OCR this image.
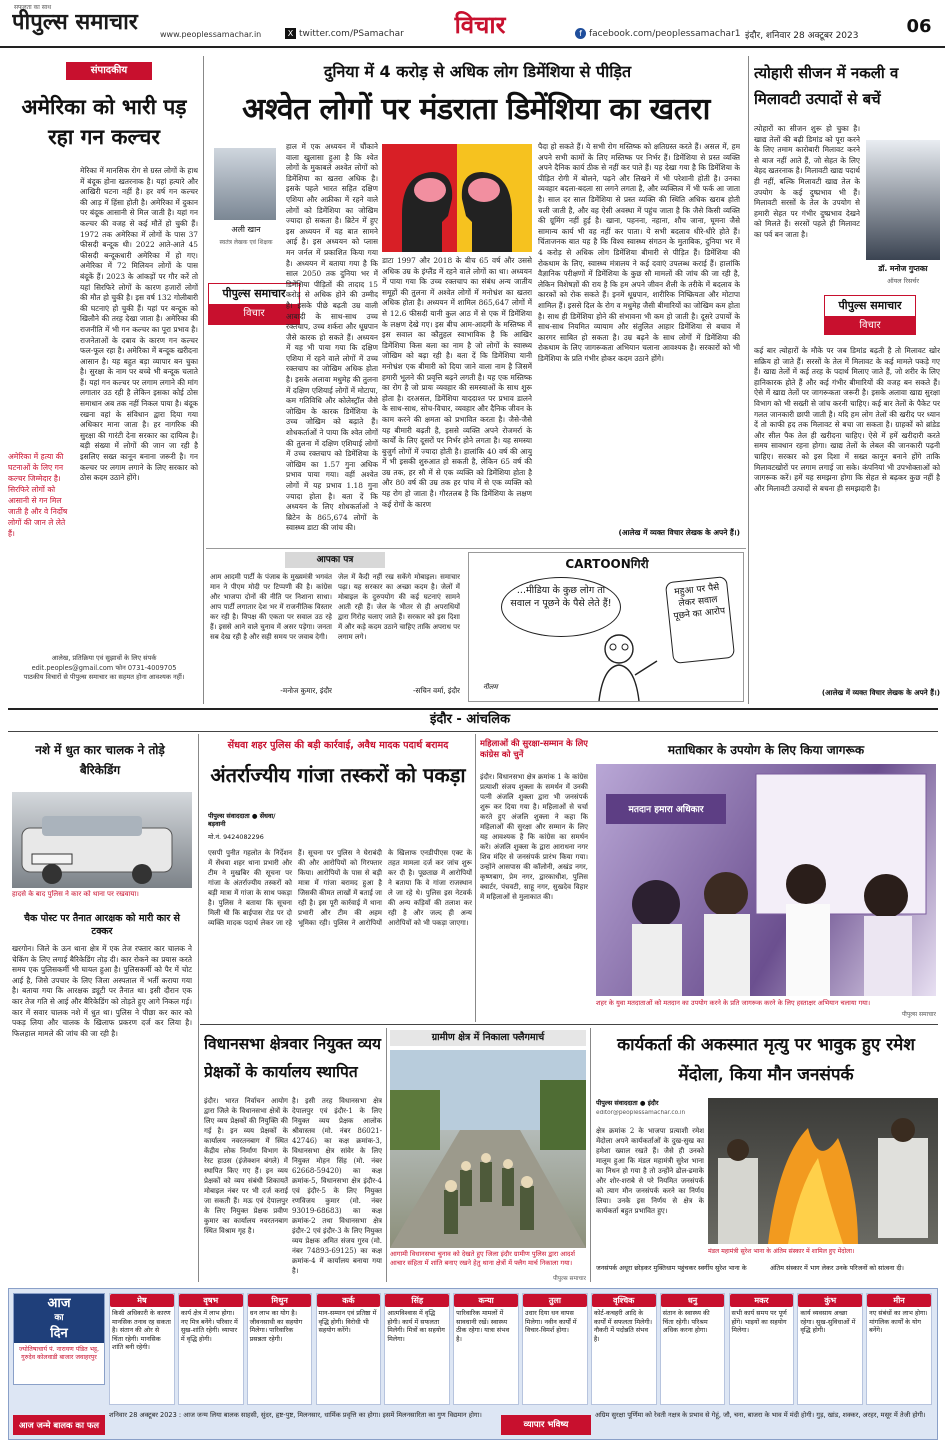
पीपुल्स समाचार
सफलता का साथ
www.peoplessamachar.in	X twitter.com/PSamachar	विचार	f facebook.com/peoplessamachar1 इंदौर, शनिवार 28 अक्टूबर 2023	06
संपादकीय
अमेरिका को भारी पड़ रहा गन कल्चर
मेरिका में मानसिक रोग से ग्रस्त लोगों के हाथ में बंदूक होना खतरनाक है। यहां हत्यारे और आखिरी घटना नहीं है। हर वर्ष गन कल्चर की आड़ में हिंसा होती है। अमेरिका में दुकान पर बंदूक आसानी से मिल जाती है। यहां गन कल्चर की वजह से कई मौतें हो चुकी हैं। 1972 तक अमेरिका में लोगों के पास 37 फीसदी बन्दूक थी। 2022 आते-आते 45 फीसदी बन्दूकधारी अमेरिका में हो गए। अमेरिका में 72 मिलियन लोगों के पास बंदूकें हैं। 2023 के आंकड़ों पर गौर करें तो यहां सिरफिरे लोगों के कारण हजारों लोगों की मौत हो चुकी है। इस वर्ष 132 गोलीबारी की घटनाएं हो चुकी हैं। यहां पर बन्दूक को खिलौने की तरह देखा जाता है। अमेरिका की राजनीति में भी गन कल्चर का पूरा प्रभाव है। राजनेताओं के दबाव के कारण गन कल्चर फल-फूल रहा है। अमेरिका में बन्दूक खरीदना आसान है। यह बहुत बड़ा व्यापार बन चुका है। सुरक्षा के नाम पर बच्चे भी बन्दूक चलाते हैं। यहां गन कल्चर पर लगाम लगाने की मांग लगातार उठ रही है लेकिन इसका कोई ठोस समाधान अब तक नहीं निकल पाया है। बंदूक रखना वहां के संविधान द्वारा दिया गया अधिकार माना जाता है। हर नागरिक की सुरक्षा की गारंटी देना सरकार का दायित्व है। बड़ी संख्या में लोगों की जान जा रही है इसलिए सख्त कानून बनाना जरूरी है। गन कल्चर पर लगाम लगाने के लिए सरकार को ठोस कदम उठाने होंगे।
अमेरिका में हत्या की घटनाओं के लिए गन कल्चर जिम्मेदार है। सिरफिरे लोगों को आसानी से गन मिल जाती है और वे निर्दोष लोगों की जान ले लेते हैं।
आलेख, प्रतिक्रिया एवं सुझावों के लिए संपर्क
edit.peoples@gmail.com फोन 0731-4009705
पाठकीय विचारों से पीपुल्स समाचार का सहमत होना आवश्यक नहीं।
दुनिया में 4 करोड़ से अधिक लोग डिमेंशिया से पीड़ित
अश्वेत लोगों पर मंडराता डिमेंशिया का खतरा
अली खान
स्वतंत्र लेखक एवं शिक्षक
पीपुल्स समाचार
विचार
हाल में एक अध्ययन में चौंकाने वाला खुलासा हुआ है कि श्वेत लोगों के मुकाबले अश्वेत लोगों को डिमेंशिया का खतरा अधिक है। इसके पहले भारत सहित दक्षिण एशिया और अफ्रीका में रहने वाले लोगों को डिमेंशिया का जोखिम ज्यादा हो सकता है। ब्रिटेन में हुए इस अध्ययन में यह बात सामने आई है। इस अध्ययन को प्लास मन जर्नल में प्रकाशित किया गया है। अध्ययन में बताया गया है कि साल 2050 तक दुनिया भर में डिमेंशिया पीड़ितों की तादाद 15 करोड़ से अधिक होने की उम्मीद है। इसके पीछे बढ़ती उम्र वाली आबादी के साथ-साथ उच्च रक्तचाप, उच्च शर्करा और धूम्रपान जैसे कारक हो सकते हैं। अध्ययन में यह भी पाया गया कि दक्षिण एशिया में रहने वाले लोगों में उच्च रक्तचाप का जोखिम अधिक होता है। इसके अलावा मधुमेह की तुलना में दक्षिण एशियाई लोगों में मोटापा, कम गतिविधि और कोलेस्ट्रॉल जैसे जोखिम के कारक डिमेंशिया के उच्च जोखिम को बढ़ाते हैं। शोधकर्ताओं ने पाया कि श्वेत लोगों की तुलना में दक्षिण एशियाई लोगों में उच्च रक्तचाप को डिमेंशिया के जोखिम का 1.57 गुना अधिक प्रभाव पाया गया। वहीं अश्वेत लोगों में यह प्रभाव 1.18 गुना ज्यादा होता है। बता दें कि अध्ययन के लिए शोधकर्ताओं ने ब्रिटेन के 865,674 लोगों के स्वास्थ्य डाटा की जांच की।
डाटा 1997 और 2018 के बीच 65 वर्ष और उससे अधिक उम्र के इंग्लैंड में रहने वाले लोगों का था। अध्ययन में पाया गया कि उच्च रक्तचाप का संबंध अन्य जातीय समूहों की तुलना में अश्वेत लोगों में मनोभ्रंश का खतरा अधिक होता है। अध्ययन में शामिल 865,647 लोगों में से 12.6 फीसदी यानी कुल आठ में से एक में डिमेंशिया के लक्षण देखे गए। इस बीच आम-आदमी के मस्तिष्क में इस सवाल का कौतुहल स्वाभाविक है कि आखिर डिमेंशिया किस बला का नाम है जो लोगों के स्वास्थ्य जोखिम को बढ़ा रही है। बता दें कि डिमेंशिया यानी मनोभ्रंश एक बीमारी को दिया जाने वाला नाम है जिसमें हमारी भूलने की प्रवृत्ति बढ़ने लगती है। यह एक मस्तिष्क का रोग है जो प्रायः व्यवहार की समस्याओं के साथ शुरू होता है। दरअसल, डिमेंशिया याददाश्त पर प्रभाव डालने के साथ-साथ, सोच-विचार, व्यवहार और दैनिक जीवन के काम करने की क्षमता को प्रभावित करता है। जैसे-जैसे यह बीमारी बढ़ती है, इससे व्यक्ति अपने रोजमर्रा के कार्यों के लिए दूसरों पर निर्भर होने लगता है। यह समस्या बुजुर्ग लोगों में ज्यादा होती है। हालांकि 40 वर्ष की आयु में भी इसकी शुरुआत हो सकती है, लेकिन 65 वर्ष की उम्र तक, हर सौ में से एक व्यक्ति को डिमेंशिया होता है और 80 वर्ष की उम्र तक हर पांच में से एक व्यक्ति को यह रोग हो जाता है। गौरतलब है कि डिमेंशिया के लक्षण कई रोगों के कारण
पैदा हो सकते हैं। ये सभी रोग मस्तिष्क को क्षतिग्रस्त करते हैं। असल में, हम अपने सभी कामों के लिए मस्तिष्क पर निर्भर हैं। डिमेंशिया से प्रस्त व्यक्ति अपने दैनिक कार्य ठीक से नहीं कर पाते हैं। यह देखा गया है कि डिमेंशिया के पीड़ित रोगी में बोलने, पढ़ने और लिखने में भी परेशानी होती है। उनका व्यवहार बदला-बदला सा लगने लगता है, और व्यक्तित्व में भी फर्क आ जाता है। साल दर साल डिमेंशिया से प्रस्त व्यक्ति की स्थिति अधिक खराब होती चली जाती है, और वह ऐसी अवस्था में पहुंच जाता है कि जैसे किसी व्यक्ति की ग्रूमिंग नहीं हुई है। खाना, पहनना, नहाना, शौच जाना, घूमना जैसे सामान्य कार्य भी वह नहीं कर पाता। ये सभी बदलाव धीरे-धीरे होते हैं। चिंताजनक बात यह है कि विश्व स्वास्थ्य संगठन के मुताबिक, दुनिया भर में 4 करोड़ से अधिक लोग डिमेंशिया बीमारी से पीड़ित हैं। डिमेंशिया की रोकथाम के लिए, स्वास्थ्य मंत्रालय ने कई दवाएं उपलब्ध कराई हैं। हालांकि वैज्ञानिक परीक्षणों में डिमेंशिया के कुछ सौ मामलों की जांच की जा रही है, लेकिन विशेषज्ञों की राय है कि हम अपने जीवन शैली के तरीके में बदलाव के कारकों को रोक सकते हैं। इनमें धूम्रपान, शारीरिक निष्क्रियता और मोटापा शामिल हैं। इससे दिल के रोग व मधुमेह जैसी बीमारियों का जोखिम कम होता है। साथ ही डिमेंशिया होने की संभावना भी कम हो जाती है। दूसरे उपायों के साथ-साथ नियमित व्यायाम और संतुलित आहार डिमेंशिया से बचाव में कारगर साबित हो सकता है। उम्र बढ़ने के साथ लोगों में डिमेंशिया की रोकथाम के लिए जागरूकता अभियान चलाना आवश्यक है। सरकारों को भी डिमेंशिया के प्रति गंभीर होकर कदम उठाने होंगे।
(आलेख में व्यक्त विचार लेखक के अपने हैं।)
त्योहारी सीजन में नकली व मिलावटी उत्पादों से बचें
त्योहारों का सीजन शुरू हो चुका है। खाद्य तेलों की बढ़ी डिमांड को पूरा करने के लिए तमाम कारोबारी मिलावट करने से बाज नहीं आते हैं, जो सेहत के लिए बेहद खतरनाक है। मिलावटी खाद्य पदार्थ ही नहीं, बल्कि मिलावटी खाद्य तेल के उपयोग के कई दुष्प्रभाव भी हैं। मिलावटी सरसों के तेल के उपयोग से हमारी सेहत पर गंभीर दुष्प्रभाव देखने को मिलते हैं। सरसों पहले ही मिलावट का पर्व बन जाता है।
डॉ. मनोज गुप्तका
ऑयल रिसर्चर
पीपुल्स समाचार
विचार
कई बार त्योहारों के मौके पर जब डिमांड बढ़ती है तो मिलावट खोर सक्रिय हो जाते हैं। सरसों के तेल में मिलावट के कई मामले पकड़े गए हैं। खाद्य तेलों में कई तरह के पदार्थ मिलाए जाते हैं, जो शरीर के लिए हानिकारक होते हैं और कई गंभीर बीमारियों की वजह बन सकते हैं। ऐसे में खाद्य तेलों पर जागरूकता जरूरी है। इसके अलावा खाद्य सुरक्षा विभाग को भी सख्ती से जांच करनी चाहिए। कई बार तेलों के पैकेट पर गलत जानकारी छापी जाती है। यदि हम लोग तेलों की खरीद पर ध्यान दें तो काफी हद तक मिलावट से बचा जा सकता है। ग्राहकों को ब्रांडेड और सील पैक तेल ही खरीदना चाहिए। ऐसे में हमें खरीदारी करते समय सावधान रहना होगा। खाद्य तेलों के लेबल की जानकारी पढ़नी चाहिए। सरकार को इस दिशा में सख्त कानून बनाने होंगे ताकि मिलावटखोरों पर लगाम लगाई जा सके। कंपनियां भी उपभोक्ताओं को जागरूक करें। हमें यह समझना होगा कि सेहत से बढ़कर कुछ नहीं है और मिलावटी उत्पादों से बचना ही समझदारी है।
(आलेख में व्यक्त विचार लेखक के अपने हैं।)
आपका पत्र
आम आदमी पार्टी के पंजाब के मुख्यमंत्री भगवंत मान ने पीएम मोदी पर टिप्पणी की है। कांग्रेस और भाजपा दोनों की नीति पर निशाना साधा। आप पार्टी लगातार देश भर में राजनीतिक विस्तार कर रही है। विपक्ष की एकता पर सवाल उठ रहे हैं। इससे आने वाले चुनाव में असर पड़ेगा। जनता सब देख रही है और सही समय पर जवाब देगी।
-मनोज कुमार, इंदौर
जेल में कैदी नहीं रख सकेंगे मोबाइल। समाचार पढ़ा। यह सरकार का अच्छा कदम है। जेलों में मोबाइल के दुरुपयोग की कई घटनाएं सामने आती रही हैं। जेल के भीतर से ही अपराधियों द्वारा गिरोह चलाए जाते हैं। सरकार को इस दिशा में और कड़े कदम उठाने चाहिए ताकि अपराध पर लगाम लगे।
-सचिन वर्मा, इंदौर
CARTOONगिरी
...मीडिया के कुछ लोग तो सवाल न पूछने के पैसे लेते हैं!
महुआ पर पैसे लेकर सवाल पूछने का आरोप
नीलम
इंदौर - आंचलिक
नशे में धुत कार चालक ने तोड़े बैरिकेडिंग
हादसे के बाद पुलिस ने कार को थाना पर रखवाया।
चैक पोस्ट पर तैनात आरक्षक को मारी कार से टक्कर
खरगोन। जिले के ऊन थाना क्षेत्र में एक तेज रफ्तार कार चालक ने चेकिंग के लिए लगाई बैरिकेडिंग तोड़ दी। कार रोकने का प्रयास करते समय एक पुलिसकर्मी भी घायल हुआ है। पुलिसकर्मी को पैर में चोट आई है, जिसे उपचार के लिए जिला अस्पताल में भर्ती कराया गया है। बताया गया कि आरक्षक ड्यूटी पर तैनात था। इसी दौरान एक कार तेज गति से आई और बैरिकेडिंग को तोड़ते हुए आगे निकल गई। कार में सवार चालक नशे में धुत था। पुलिस ने पीछा कर कार को पकड़ लिया और चालक के खिलाफ प्रकरण दर्ज कर लिया है। फिलहाल मामले की जांच की जा रही है।
सेंधवा शहर पुलिस की बड़ी कार्रवाई, अवैध मादक पदार्थ बरामद
अंतर्राज्यीय गांजा तस्करों को पकड़ा
पीपुल्स संवाददाता ● सेंधवा/बड़वानी
मो.नं. 9424082296
एसपी पुनीत गहलोत के निर्देशन में सेंधवा शहर थाना प्रभारी और टीम ने मुखबिर की सूचना पर गांजा के अंतर्राज्यीय तस्करों को बड़ी मात्रा में गांजा के साथ पकड़ा है। पुलिस ने बताया कि सूचना मिली थी कि बाईपास रोड पर दो व्यक्ति मादक पदार्थ लेकर जा रहे हैं। सूचना पर पुलिस ने घेराबंदी की और आरोपियों को गिरफ्तार किया। आरोपियों के पास से बड़ी मात्रा में गांजा बरामद हुआ है जिसकी कीमत लाखों में बताई जा रही है। इस पूरी कार्रवाई में थाना प्रभारी और टीम की अहम भूमिका रही। पुलिस ने आरोपियों के खिलाफ एनडीपीएस एक्ट के तहत मामला दर्ज कर जांच शुरू कर दी है। पूछताछ में आरोपियों ने बताया कि वे गांजा राजस्थान ले जा रहे थे। पुलिस इस नेटवर्क की अन्य कड़ियों की तलाश कर रही है और जल्द ही अन्य आरोपियों को भी पकड़ा जाएगा।
महिलाओं की सुरक्षा-सम्मान के लिए कांग्रेस को चुनें
इंदौर। विधानसभा क्षेत्र क्रमांक 1 के कांग्रेस प्रत्याशी संजय शुक्ला के समर्थन में उनकी पत्नी अंजलि शुक्ला द्वारा भी जनसंपर्क शुरू कर दिया गया है। महिलाओं से चर्चा करते हुए अंजलि शुक्ला ने कहा कि महिलाओं की सुरक्षा और सम्मान के लिए यह आवश्यक है कि कांग्रेस का समर्थन करें। अंजलि शुक्ला के द्वारा आराधना नगर शिव मंदिर से जनसंपर्क प्रारंभ किया गया। उन्होंने आसपास की कॉलोनी, अखंड नगर, कृष्णबाग, प्रेम नगर, द्वारकाधीश, पुलिस क्वार्टर, पंचवटी, साहू नगर, सुखदेव विहार में महिलाओं से मुलाकात की।
मताधिकार के उपयोग के लिए किया जागरूक
मतदान हमारा अधिकार
शहर के युवा मतदाताओं को मतदान का उपयोग करने के प्रति जागरूक करने के लिए हस्ताक्षर अभियान चलाया गया।
पीपुल्स समाचार
विधानसभा क्षेत्रवार नियुक्त व्यय प्रेक्षकों के कार्यालय स्थापित
इंदौर। भारत निर्वाचन आयोग द्वारा जिले के विधानसभा क्षेत्रों के लिए व्यय प्रेक्षकों की नियुक्ति की गई है। इन व्यय प्रेक्षकों के कार्यालय नवरतनबाग में स्थित केंद्रीय लोक निर्माण विभाग के रेस्ट हाउस (इंजेक्शन बंगले) में स्थापित किए गए हैं। इन व्यय प्रेक्षकों को व्यय संबंधी शिकायतें मोबाइल नंबर पर भी दर्ज कराई जा सकती हैं। मऊ एवं देपालपुर के लिए नियुक्त प्रेक्षक प्रवीण कुमार का कार्यालय नवरतनबाग स्थित विश्राम गृह है।
है। इसी तरह विधानसभा क्षेत्र देपालपुर एवं इंदौर-1 के लिए नियुक्त व्यय प्रेक्षक आलोक श्रीवास्तव (मो. नंबर 86021-42746) का कक्ष क्रमांक-3, विधानसभा क्षेत्र सांवेर के लिए नियुक्त मोहन सिंह (मो. नंबर 62668-59420) का कक्ष क्रमांक-5, विधानसभा क्षेत्र इंदौर-4 एवं इंदौर-5 के लिए नियुक्त रणविजय कुमार (मो. नंबर 93019-68683) का कक्ष क्रमांक-2 तथा विधानसभा क्षेत्र इंदौर-2 एवं इंदौर-3 के लिए नियुक्त व्यय प्रेक्षक अमित संजय गुरव (मो. नंबर 74893-69125) का कक्ष क्रमांक-4 में कार्यालय बनाया गया है।
ग्रामीण क्षेत्र में निकाला फ्लैगमार्च
आगामी विधानसभा चुनाव को देखते हुए जिला इंदौर ग्रामीण पुलिस द्वारा आदर्श आचार संहिता में शांति बनाए रखने हेतु थाना क्षेत्रों में फ्लैग मार्च निकाला गया।
पीपुल्स समाचार
कार्यकर्ता की अकस्मात मृत्यु पर भावुक हुए रमेश मेंदोला, किया मौन जनसंपर्क
पीपुल्स संवाददाता ● इंदौर
editor@peoplessamachar.co.in
क्षेत्र क्रमांक 2 के भाजपा प्रत्याशी रमेश मेंदोला अपने कार्यकर्ताओं के दुख-सुख का हमेशा ख्याल रखते हैं। जैसे ही उनको मालूम हुआ कि मंडल महामंत्री सुरेश भाना का निधन हो गया है तो उन्होंने ढोल-ढमाके और शोर-शराबे से परे नियमित जनसंपर्क को त्याग मौन जनसंपर्क करने का निर्णय लिया। उनके इस निर्णय से क्षेत्र के कार्यकर्ता बहुत प्रभावित हुए।
मंडल महामंत्री सुरेश भाना के अंतिम संस्कार में शामिल हुए मेंदोला।
जनसंपर्क अधूरा छोड़कर मुक्तिधाम पहुंचकर स्वर्गीय सुरेश भाना के	अंतिम संस्कार में भाग लेकर उनके परिजनों को सांत्वना दी।
आज
का
दिन
ज्योतिषाचार्य पं. नारायण पंडित भट्ट, गुरुदेव कोलवाडी बाजार जवाहरपुर
आज जन्मे बालक का फल
मेष
किसी अधिकारी के कारण मानसिक तनाव रह सकता है। संतान की ओर से चिंता रहेगी। मानसिक शांति बनी रहेगी।
वृषभ
कार्य क्षेत्र में लाभ होगा। नए मित्र बनेंगे। परिवार में सुख-शांति रहेगी। व्यापार में वृद्धि होगी।
मिथुन
धन लाभ का योग है। जीवनसाथी का सहयोग मिलेगा। पारिवारिक प्रसन्नता रहेगी।
कर्क
मान-सम्मान एवं प्रतिष्ठा में वृद्धि होगी। विरोधी भी सहयोग करेंगे।
सिंह
आत्मविश्वास में वृद्धि होगी। कार्य में सफलता मिलेगी। मित्रों का सहयोग मिलेगा।
कन्या
पारिवारिक मामलों में सावधानी रखें। स्वास्थ्य ठीक रहेगा। यात्रा संभव है।
तुला
उधार दिया धन वापस मिलेगा। नवीन कार्यों में विचार-विमर्श होगा।
वृश्चिक
कोर्ट-कचहरी आदि के कार्यों में सफलता मिलेगी। नौकरी में पदोन्नति संभव है।
धनु
संतान के स्वास्थ्य की चिंता रहेगी। परिश्रम अधिक करना होगा।
मकर
सभी कार्य समय पर पूर्ण होंगे। भाइयों का सहयोग मिलेगा।
कुंभ
कार्य व्यवसाय अच्छा रहेगा। सुख-सुविधाओं में वृद्धि होगी।
मीन
नए संबंधों का लाभ होगा। मांगलिक कार्यों के योग बनेंगे।
शनिवार 28 अक्टूबर 2023 : आज जन्म लिया बालक साहसी, सुंदर, हृष्ट-पुष्ट, मिलनसार, धार्मिक प्रवृत्ति का होगा। इसमें मिलनसारिता का गुण विद्यमान होगा।
व्यापार भविष्य
अग्रिम सुरक्षा पूर्णिमा को रेवती नक्षत्र के प्रभाव से गेहूं, जौ, चना, बाजरा के भाव में मंदी होगी। गुड़, खांड, शक्कर, अरहर, मसूर में तेजी होगी।
